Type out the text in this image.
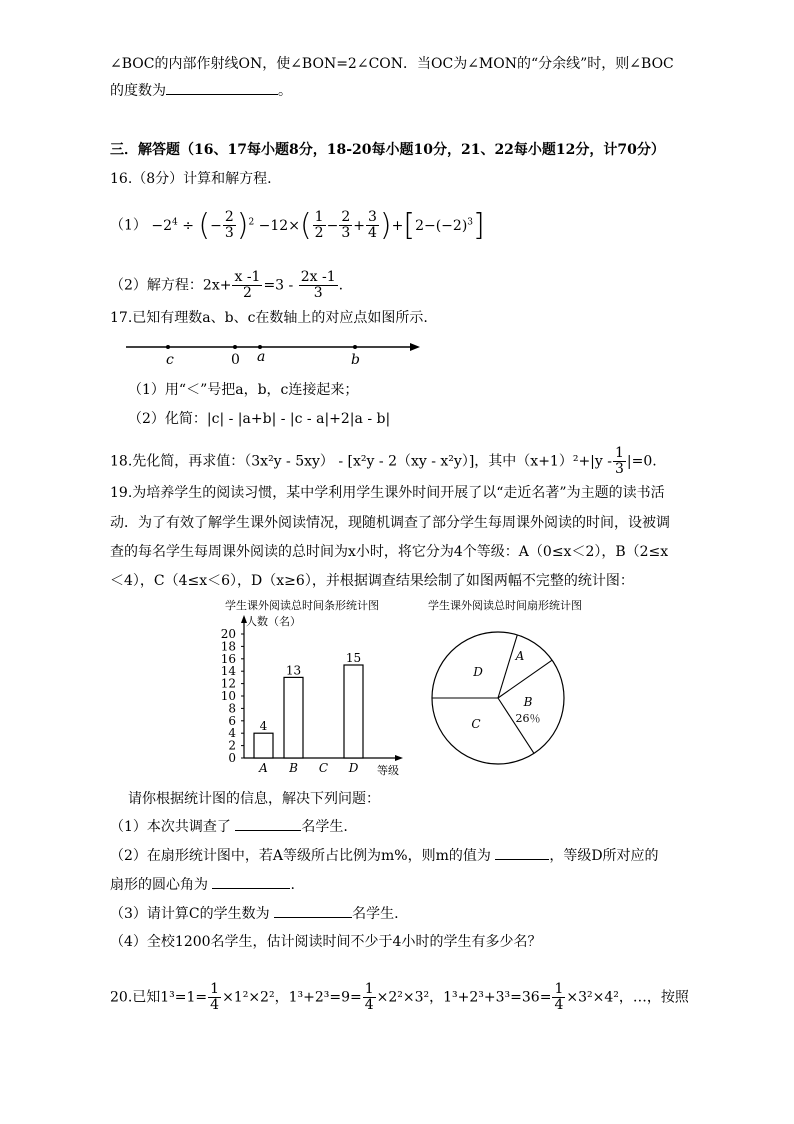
∠BOC的内部作射线ON，使∠BON=2∠CON．当OC为∠MON的“分余线”时，则∠BOC
的度数为	。
三．解答题（16、17每小题8分，18-20每小题10分，21、22每小题12分，计70分）
16.（8分）计算和解方程.
$(1) -2^4$ ÷ (− $\frac{2}{3} )^2 -12\times( \frac{1}{2} - \frac{2}{3} + \frac{3}{4} )+[2-(-2)^3]$
（2）解方程：$2x+ \frac{x -1}{2} =3 - \frac{2x -1}{3}$ .
17.已知有理数a、b、c在数轴上的对应点如图所示.
c	0 a	b
（1）用“＜”号把a，b，c连接起来；
（2）化简：|c| - |a+b| - |c - a|+2|a - b|
18.先化简，再求值：（3x²y - 5xy） - [x²y - 2（xy - x²y）]，其中$(x+1)^2+|y - \frac{1}{3} |=0$.
19.为培养学生的阅读习惯，某中学利用学生课外时间开展了以“走近名著”为主题的读书活
动．为了有效了解学生课外阅读情况，现随机调查了部分学生每周课外阅读的时间，设被调
查的每名学生每周课外阅读的总时间为x小时，将它分为4个等级：A（0≤x＜2），B（2≤x
＜4），C（4≤x＜6），D（x≥6），并根据调查结果绘制了如图两幅不完整的统计图：
学生课外阅读总时间条形统计图	学生课外阅读总时间扇形统计图
0
2
4
6
8
10
12
14
16
18
20
人数（名）
等级
A
4
B
13
C D
15	A
B
26％
C
D
请你根据统计图的信息，解决下列问题：
（1）本次共调查了	名学生.
（2）在扇形统计图中，若A等级所占比例为m%，则m的值为	，等级D所对应的
扇形的圆心角为	.
（3）请计算C的学生数为	名学生.
（4）全校1200名学生，估计阅读时间不少于4小时的学生有多少名？
20.已知$1^3=1= \frac{1}{4} \times 1^2\times 2^2$，$1^3+2^3=9= \frac{1}{4} \times 2^2\times 3^2$，$1^3+2^3+3^3=36= \frac{1}{4} \times 3^2\times 4^2$，…，按照
